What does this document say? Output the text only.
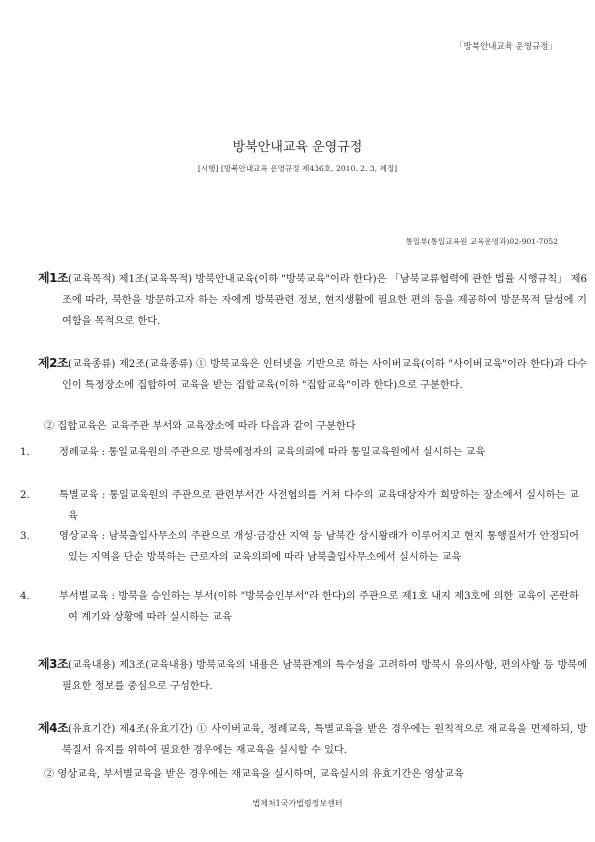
「방북안내교육 운영규정」
방북안내교육 운영규정
[시행] [방북안내교육 운영규정 제436호, 2010. 2. 3, 제정]
통일부(통일교육원 교육운영과)02-901-7052

제1조(교육목적) 제1조(교육목적) 방북안내교육(이하 "방북교육"이라 한다)은 「남북교류협력에 관한 법률 시행규칙」 제6조에 따라, 북한을 방문하고자 하는 자에게 방북관련 정보, 현지생활에 필요한 편의 등을 제공하여 방문목적 달성에 기여함을 목적으로 한다.

제2조(교육종류) 제2조(교육종류) ① 방북교육은 인터넷을 기반으로 하는 사이버교육(이하 "사이버교육"이라 한다)과 다수인이 특정장소에 집합하여 교육을 받는 집합교육(이하 "집합교육"이라 한다)으로 구분한다.

② 집합교육은 교육주관 부서와 교육장소에 따라 다음과 같이 구분한다

1.	정례교육 : 통일교육원의 주관으로 방북예정자의 교육의뢰에 따라 통일교육원에서 실시하는 교육

2.	특별교육 : 통일교육원의 주관으로 관련부서간 사전협의를 거쳐 다수의 교육대상자가 희망하는 장소에서 실시하는 교육

3.	영상교육 : 남북출입사무소의 주관으로 개성·금강산 지역 등 남북간 상시왕래가 이루어지고 현지 통행질서가 안정되어 있는 지역을 단순 방북하는 근로자의 교육의뢰에 따라 남북출입사무소에서 실시하는 교육

4.	부서별교육 : 방북을 승인하는 부서(이하 "방북승인부서"라 한다)의 주관으로 제1호 내지 제3호에 의한 교육이 곤란하여 계기와 상황에 따라 실시하는 교육

제3조(교육내용) 제3조(교육내용) 방북교육의 내용은 남북관계의 특수성을 고려하여 방북시 유의사항, 편의사항 등 방북에 필요한 정보를 중심으로 구성한다.

제4조(유효기간) 제4조(유효기간) ① 사이버교육, 정례교육, 특별교육을 받은 경우에는 원칙적으로 재교육을 면제하되, 방북질서 유지를 위하여 필요한 경우에는 재교육을 실시할 수 있다.

② 영상교육, 부서별교육을 받은 경우에는 재교육을 실시하며, 교육실시의 유효기간은 영상교육

법제처1국가법령정보센터
